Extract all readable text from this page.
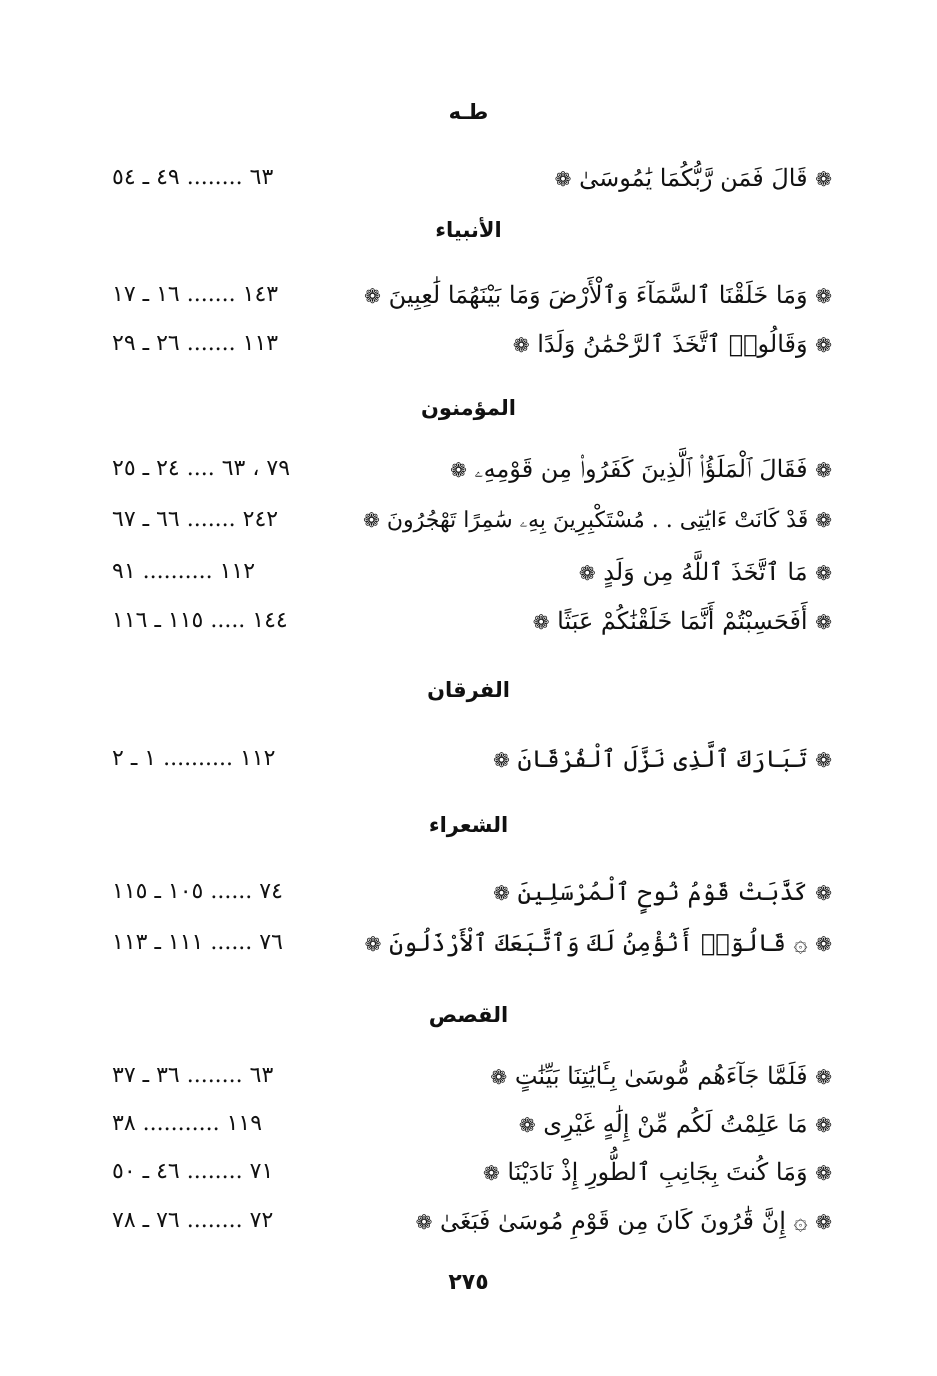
طـه
❁ قَالَ فَمَن رَّبُّكُمَا يَٰمُوسَىٰ ❁
٦٣ ........ ٤٩ ـ ٥٤
الأنبياء
❁ وَمَا خَلَقْنَا ٱلسَّمَآءَ وَٱلْأَرْضَ وَمَا بَيْنَهُمَا لَٰعِبِينَ ❁
١٤٣ ....... ١٦ ـ ١٧
❁ وَقَالُوا۟ ٱتَّخَذَ ٱلرَّحْمَٰنُ وَلَدًا ❁
١١٣ ....... ٢٦ ـ ٢٩
المؤمنون
❁ فَقَالَ ٱلْمَلَؤُا۟ ٱلَّذِينَ كَفَرُوا۟ مِن قَوْمِهِۦ ❁
٧٩ ، ٦٣ .... ٢٤ ـ ٢٥
❁ قَدْ كَانَتْ ءَايَٰتِى . . مُسْتَكْبِرِينَ بِهِۦ سَٰمِرًا تَهْجُرُونَ ❁
٢٤٢ ....... ٦٦ ـ ٦٧
❁ مَا ٱتَّخَذَ ٱللَّهُ مِن وَلَدٍ ❁
١١٢ .......... ٩١
❁ أَفَحَسِبْتُمْ أَنَّمَا خَلَقْنَٰكُمْ عَبَثًا ❁
١٤٤ ..... ١١٥ ـ ١١٦
الفرقان
❁ تَبَارَكَ ٱلَّذِى نَزَّلَ ٱلْفُرْقَانَ ❁
١١٢ .......... ١ ـ ٢
الشعراء
❁ كَذَّبَتْ قَوْمُ نُوحٍ ٱلْمُرْسَلِينَ ❁
٧٤ ...... ١٠٥ ـ ١١٥
❁ ۞ قَالُوٓا۟ أَنُؤْمِنُ لَكَ وَٱتَّبَعَكَ ٱلْأَرْذَلُونَ ❁
٧٦ ...... ١١١ ـ ١١٣
القصص
❁ فَلَمَّا جَآءَهُم مُّوسَىٰ بِـَٔايَٰتِنَا بَيِّنَٰتٍ ❁
٦٣ ........ ٣٦ ـ ٣٧
❁ مَا عَلِمْتُ لَكُم مِّنْ إِلَٰهٍ غَيْرِى ❁
١١٩ ........... ٣٨
❁ وَمَا كُنتَ بِجَانِبِ ٱلطُّورِ إِذْ نَادَيْنَا ❁
٧١ ........ ٤٦ ـ ٥٠
❁ ۞ إِنَّ قَٰرُونَ كَانَ مِن قَوْمِ مُوسَىٰ فَبَغَىٰ ❁
٧٢ ........ ٧٦ ـ ٧٨
٢٧٥
